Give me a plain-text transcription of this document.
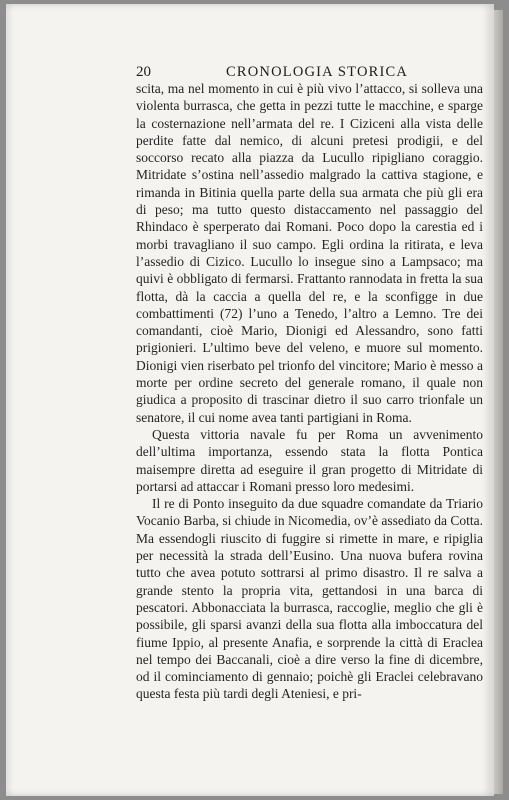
20	CRONOLOGIA STORICA

scita, ma nel momento in cui è più vivo l’attacco, si solleva una violenta burrasca, che getta in pezzi tutte le macchine, e sparge la costernazione nell’armata del re. I Ciziceni alla vista delle perdite fatte dal nemico, di alcuni pretesi prodigii, e del soccorso recato alla piazza da Lucullo ripigliano coraggio. Mitridate s’ostina nell’assedio malgrado la cattiva stagione, e rimanda in Bitinia quella parte della sua armata che più gli era di peso; ma tutto questo distaccamento nel passaggio del Rhindaco è sperperato dai Romani. Poco dopo la carestia ed i morbi travagliano il suo campo. Egli ordina la ritirata, e leva l’assedio di Cizico. Lucullo lo insegue sino a Lampsaco; ma quivi è obbligato di fermarsi. Frattanto rannodata in fretta la sua flotta, dà la caccia a quella del re, e la sconfigge in due combattimenti (72) l’uno a Tenedo, l’altro a Lemno. Tre dei comandanti, cioè Mario, Dionigi ed Alessandro, sono fatti prigionieri. L’ultimo beve del veleno, e muore sul momento. Dionigi vien riserbato pel trionfo del vincitore; Mario è messo a morte per ordine secreto del generale romano, il quale non giudica a proposito di trascinar dietro il suo carro trionfale un senatore, il cui nome avea tanti partigiani in Roma.

Questa vittoria navale fu per Roma un avvenimento dell’ultima importanza, essendo stata la flotta Pontica maisempre diretta ad eseguire il gran progetto di Mitridate di portarsi ad attaccar i Romani presso loro medesimi.

Il re di Ponto inseguito da due squadre comandate da Triario Vocanio Barba, si chiude in Nicomedia, ov’è assediato da Cotta. Ma essendogli riuscito di fuggire si rimette in mare, e ripiglia per necessità la strada dell’Eusino. Una nuova bufera rovina tutto che avea potuto sottrarsi al primo disastro. Il re salva a grande stento la propria vita, gettandosi in una barca di pescatori. Abbonacciata la burrasca, raccoglie, meglio che gli è possibile, gli sparsi avanzi della sua flotta alla imboccatura del fiume Ippio, al presente Anafia, e sorprende la città di Eraclea nel tempo dei Baccanali, cioè a dire verso la fine di dicembre, od il cominciamento di gennaio; poichè gli Eraclei celebravano questa festa più tardi degli Ateniesi, e pri-
